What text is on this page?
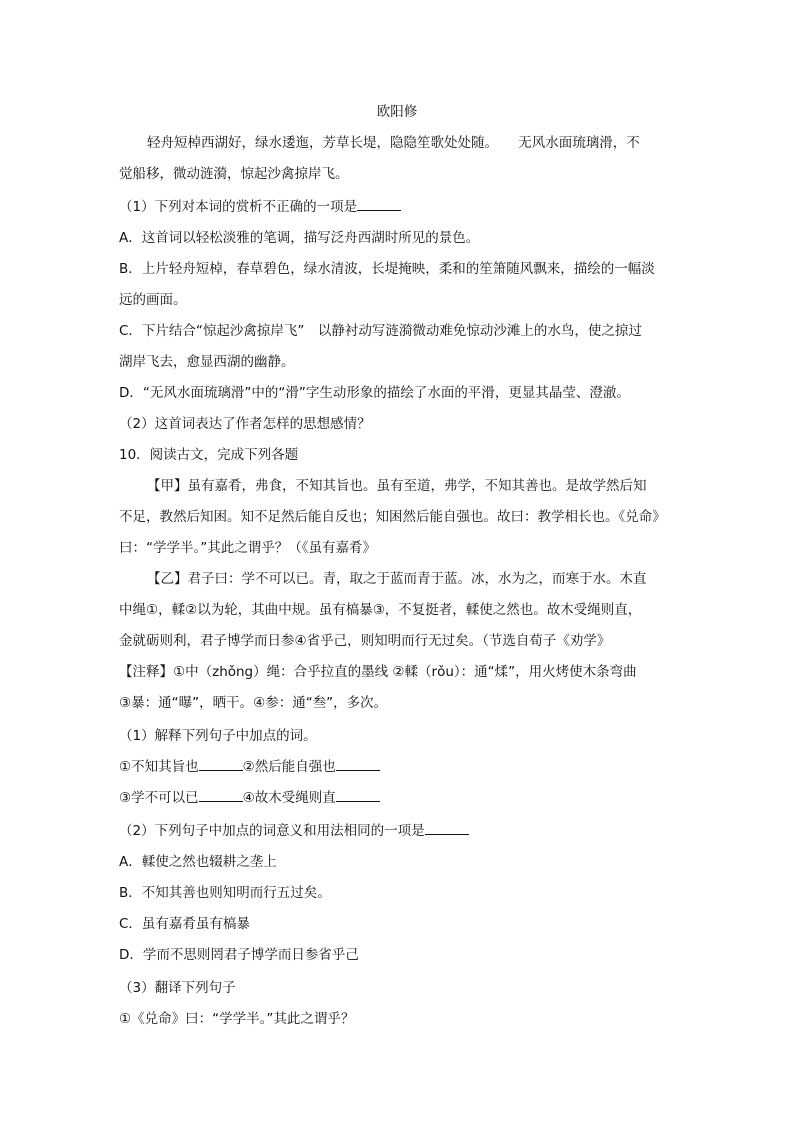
欧阳修
轻舟短棹西湖好，绿水逶迤，芳草长堤，隐隐笙歌处处随。　　无风水面琉璃滑，不
觉船移，微动涟漪，惊起沙禽掠岸飞。
（1）下列对本词的赏析不正确的一项是
A．这首词以轻松淡雅的笔调，描写泛舟西湖时所见的景色。
B．上片轻舟短棹，春草碧色，绿水清波，长堤掩映，柔和的笙箫随风飘来，描绘的一幅淡
远的画面。
C．下片结合“惊起沙禽掠岸飞”　以静衬动写涟漪微动难免惊动沙滩上的水鸟，使之掠过
湖岸飞去，愈显西湖的幽静。
D．“无风水面琉璃滑”中的“滑”字生动形象的描绘了水面的平滑，更显其晶莹、澄澈。
（2）这首词表达了作者怎样的思想感情？
10．阅读古文，完成下列各题
【甲】虽有嘉肴，弗食，不知其旨也。虽有至道，弗学，不知其善也。是故学然后知
不足，教然后知困。知不足然后能自反也；知困然后能自强也。故曰：教学相长也。《兑命》
曰：“学学半。”其此之谓乎？（《虽有嘉肴》
【乙】君子曰：学不可以已。青，取之于蓝而青于蓝。冰，水为之，而寒于水。木直
中绳①，輮②以为轮，其曲中规。虽有槁暴③，不复挺者，輮使之然也。故木受绳则直，
金就砺则利，君子博学而日参④省乎己，则知明而行无过矣。（节选自荀子《劝学》
【注释】①中（zhǒng）绳：合乎拉直的墨线 ②輮（rǒu）：通“煣”，用火烤使木条弯曲
③暴：通“曝”，晒干。④参：通“叁”，多次。
（1）解释下列句子中加点的词。
①不知其旨也	②然后能自强也
③学不可以已	④故木受绳则直
（2）下列句子中加点的词意义和用法相同的一项是
A．輮使之然也辍耕之垄上
B．不知其善也则知明而行五过矣。
C．虽有嘉肴虽有槁暴
D．学而不思则罔君子博学而日参省乎己
（3）翻译下列句子
①《兑命》曰：“学学半。”其此之谓乎？
